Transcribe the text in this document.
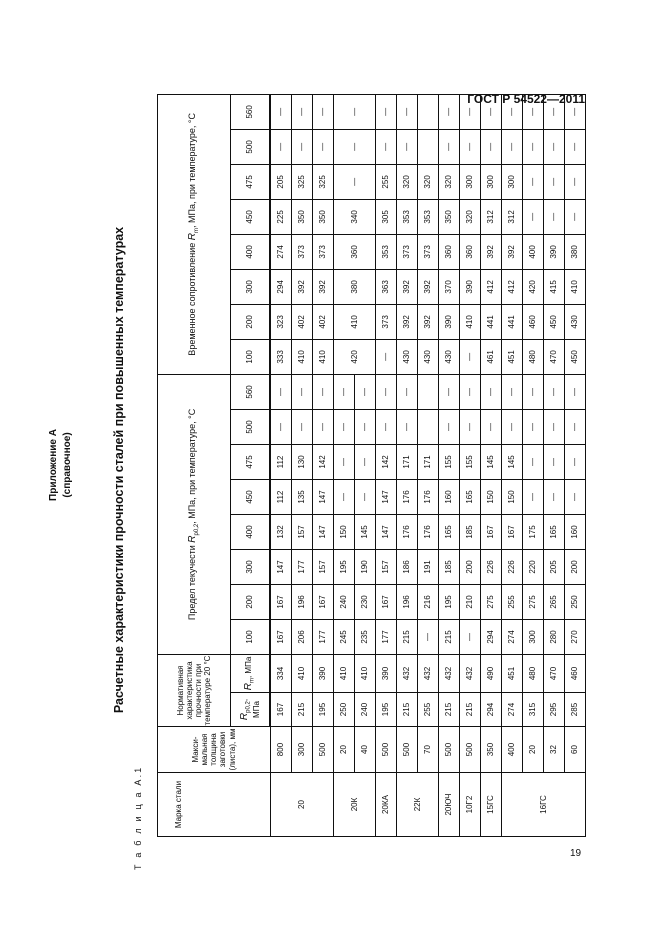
ГОСТ Р 54522—2011
19
Приложение А (справочное)	Расчетные характеристики прочности сталей при повышенных температурах
Т а б л и ц а А.1	Марка стали	Макси-мальная толщина заготовки (листа), мм	Нормативная характеристика прочности при температуре 20 °С		Предел текучести $R_{p0,2}$, МПа, при температуре, °С								Временное сопротивление $R_m$, МПа, при температуре, °С							
		$R_{p0,2}$, МПа	$R_m$, МПа	100	200	300	400	450	475	500	560	100	200	300	400	450	475	500	560
20	800	167	334	167	167	147	132	112	112	—	—	333	323	294	274	225	205	—	—
	300	215	410	206	196	177	157	135	130	—	—	410	402	392	373	350	325	—	—
	500	195	390	177	167	157	147	147	142	—	—	410	402	392	373	350	325	—	—
20К	20	250	410	245	240	195	150	—	—	—	—	420	410	380	360	340	—	—	—
	40	240	410	235	230	190	145	—	—	—	—								
20КА	500	195	390	177	167	157	147	147	142	—	—	—	373	363	353	305	255	—	—
22К	500	215	432	215	196	186	176	176	171	—	—	430	392	392	373	353	320	—	—
	70	255	432	—	216	191	176	176	171			430	392	392	373	353	320		
20ЮЧ	500	215	432	215	195	185	165	160	155	—	—	430	390	370	360	350	320	—	—
10Г2	500	215	432	—	210	200	185	165	155	—	—	—	410	390	360	320	300	—	—
15ГС	350	294	490	294	275	226	167	150	145	—	—	461	441	412	392	312	300	—	—
16ГС	400	274	451	274	255	226	167	150	145	—	—	451	441	412	392	312	300	—	—
	20	315	480	300	275	220	175	—	—	—	—	480	460	420	400	—	—	—	—
	32	295	470	280	265	205	165	—	—	—	—	470	450	415	390	—	—	—	—
	60	285	460	270	250	200	160	—	—	—	—	450	430	410	380	—	—	—	—
